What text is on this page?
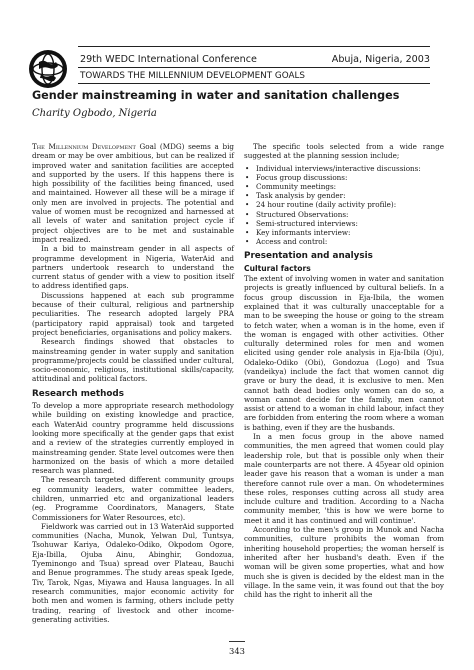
29th WEDC International Conference	Abuja, Nigeria, 2003
TOWARDS THE MILLENNIUM DEVELOPMENT GOALS
Gender mainstreaming in water and sanitation challenges
Charity Ogbodo, Nigeria

The Millennium Development Goal (MDG) seems a big dream or may be over ambitious, but can be realized if improved water and sanitation facilities are accepted and supported by the users. If this happens there is high possibility of the facilities being financed, used and maintained. However all these will be a mirage if only men are involved in projects. The potential and value of women must be recognized and harnessed at all levels of water and sanitation project cycle if project objectives are to be met and sustainable impact realized.

In a bid to mainstream gender in all aspects of programme development in Nigeria, WaterAid and partners undertook research to understand the current status of gender with a view to position itself to address identified gaps.

Discussions happened at each sub programme because of their cultural, religious and partnership peculiarities. The research adopted largely PRA (participatory rapid appraisal) took and targeted project beneficiaries, organisations and policy makers.

Research findings showed that obstacles to mainstreaming gender in water supply and sanitation programme/projects could be classified under cultural, socio-economic, religious, institutional skills/capacity, attitudinal and political factors.

Research methods

To develop a more appropriate research methodology while building on existing knowledge and practice, each WaterAid country programme held discussions looking more specifically at the gender gaps that exist and a review of the strategies currently employed in mainstreaming gender. State level outcomes were then harmonized on the basis of which a more detailed research was planned.

The research targeted different community groups eg community leaders, water committee leaders, children, unmarried etc and organizational leaders (eg. Programme Coordinators, Managers, State Commissioners for Water Resources, etc).

Fieldwork was carried out in 13 WaterAid supported communities (Nacha, Munok, Yelwan Dul, Tuntsya, Tsohuwar Kariya, Odaleko-Odiko, Okpodom Ogore, Eja-Ibilla, Ojuba Ainu, Abinghir, Gondozua, Tyeminongo and Tsua) spread over Plateau, Bauchi and Benue programmes. The study areas speak Igede, Tiv, Tarok, Ngas, Miyawa and Hausa languages. In all research communities, major economic activity for both men and women is farming, others include petty trading, rearing of livestock and other income-generating activities.

The specific tools selected from a wide range suggested at the planning session include;

• Individual interviews/interactive discussions:
• Focus group discussions:
• Community meetings:
• Task analysis by gender:
• 24 hour routine (daily activity profile):
• Structured Observations:
• Semi-structured interviews:
• Key informants interview:
• Access and control:
Presentation and analysis
Cultural factors

The extent of involving women in water and sanitation projects is greatly influenced by cultural beliefs. In a focus group discussion in Eja-Ibila, the women explained that it was culturally unacceptable for a man to be sweeping the house or going to the stream to fetch water, when a woman is in the home, even if the woman is engaged with other activities. Other culturally determined roles for men and women elicited using gender role analysis in Eja-Ibila (Oju), Odaleko-Odiko (Obi), Gondozua (Logo) and Tsua (vandeikya) include the fact that women cannot dig grave or bury the dead, it is exclusive to men. Men cannot bath dead bodies only women can do so, a woman cannot decide for the family, men cannot assist or attend to a woman in child labour, infact they are forbidden from entering the room where a woman is bathing, even if they are the husbands.

In a men focus group in the above named communities, the men agreed that women could play leadership role, but that is possible only when their male counterparts are not there. A 45year old opinion leader gave his reason that a woman is under a man therefore cannot rule over a man. On whodetermines these roles, responses cutting across all study area include culture and tradition. According to a Nacha community member, 'this is how we were borne to meet it and it has continued and will continue'.

According to the men's group in Munok and Nacha communities, culture prohibits the woman from inheriting household properties; the woman herself is inherited after her husband's death. Even if the woman will be given some properties, what and how much she is given is decided by the eldest man in the village. In the same vein, it was found out that the boy child has the right to inherit all the

343
